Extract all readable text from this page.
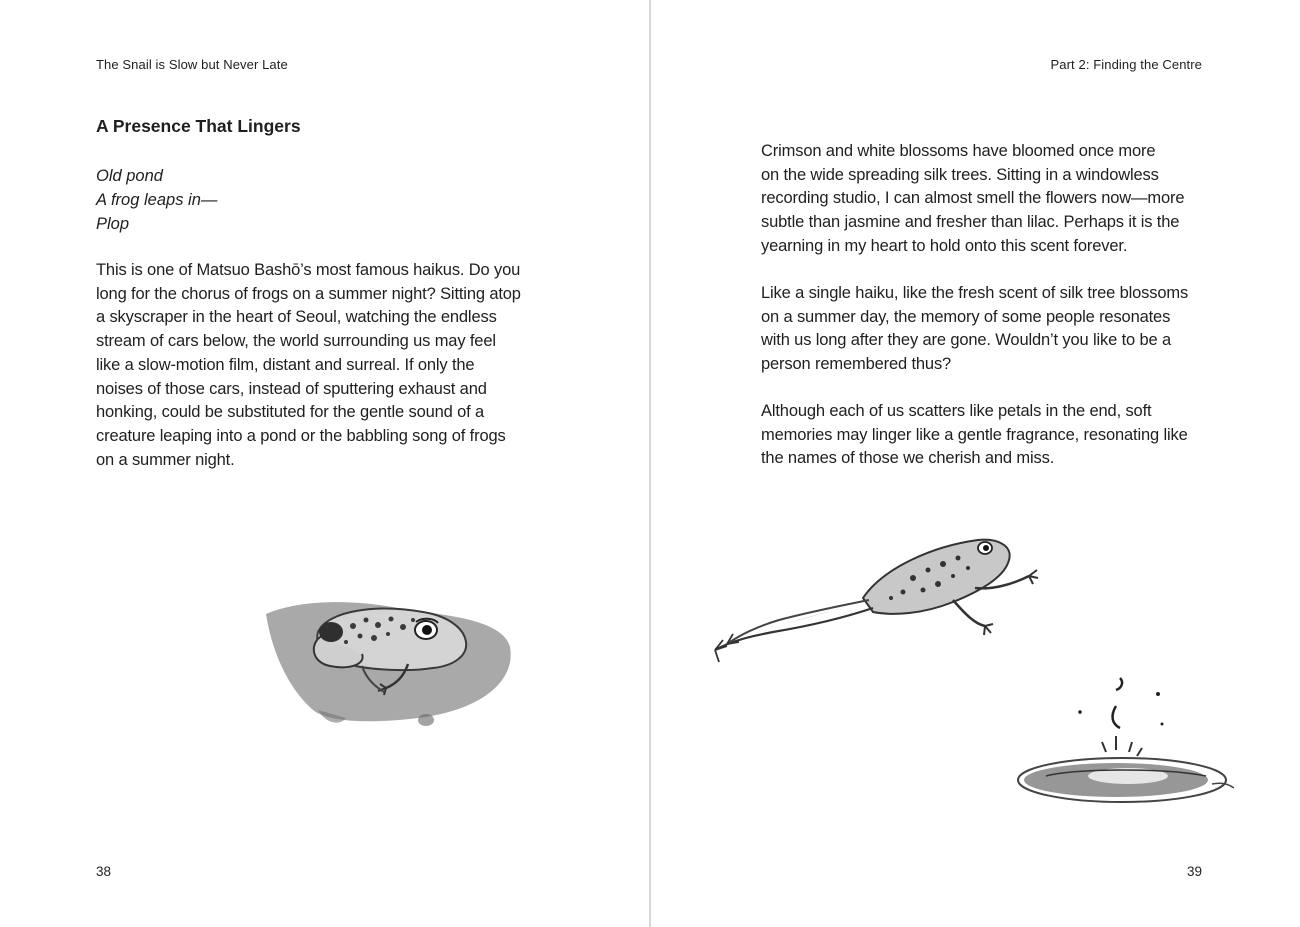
The Snail is Slow but Never Late
A Presence That Lingers
Old pond
A frog leaps in—
Plop

This is one of Matsuo Bashō’s most famous haikus. Do you
long for the chorus of frogs on a summer night? Sitting atop
a skyscraper in the heart of Seoul, watching the endless
stream of cars below, the world surrounding us may feel
like a slow-motion film, distant and surreal. If only the
noises of those cars, instead of sputtering exhaust and
honking, could be substituted for the gentle sound of a
creature leaping into a pond or the babbling song of frogs
on a summer night.

38
Part 2: Finding the Centre

Crimson and white blossoms have bloomed once more
on the wide spreading silk trees. Sitting in a windowless
recording studio, I can almost smell the flowers now—more
subtle than jasmine and fresher than lilac. Perhaps it is the
yearning in my heart to hold onto this scent forever.

Like a single haiku, like the fresh scent of silk tree blossoms
on a summer day, the memory of some people resonates
with us long after they are gone. Wouldn’t you like to be a
person remembered thus?

Although each of us scatters like petals in the end, soft
memories may linger like a gentle fragrance, resonating like
the names of those we cherish and miss.

39
